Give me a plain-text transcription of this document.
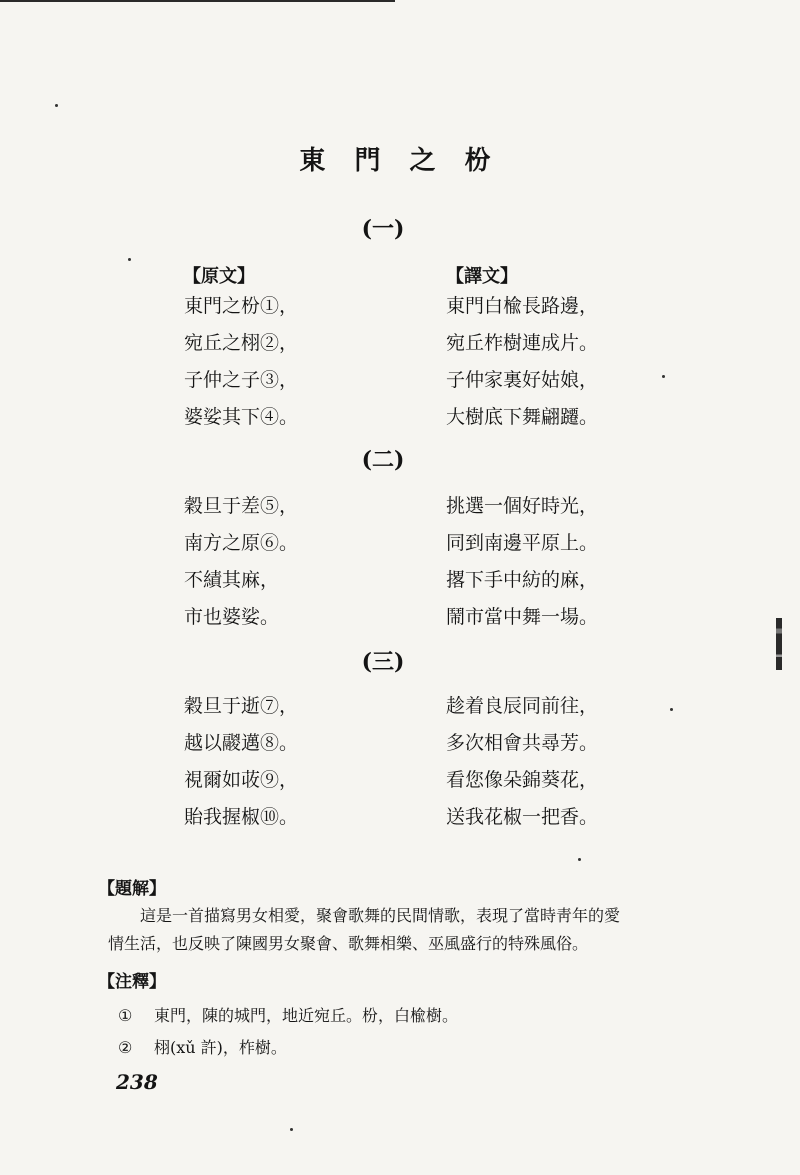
東 門 之 枌
(一)
【原文】	【譯文】
東門之枌①，
宛丘之栩②，
子仲之子③，
婆娑其下④。
東門白楡長路邊，
宛丘柞樹連成片。
子仲家裏好姑娘，
大樹底下舞翩躚。
(二)
穀旦于差⑤，
南方之原⑥。
不績其麻，
市也婆娑。
挑選一個好時光，
同到南邊平原上。
撂下手中紡的麻，
鬧市當中舞一場。
(三)
穀旦于逝⑦，
越以鬷邁⑧。
視爾如荍⑨，
貽我握椒⑩。
趁着良辰同前往，
多次相會共尋芳。
看您像朵錦葵花，
送我花椒一把香。
【題解】
這是一首描寫男女相愛，聚會歌舞的民間情歌，表現了當時靑年的愛
情生活，也反映了陳國男女聚會、歌舞相樂、巫風盛行的特殊風俗。
【注釋】
① 東門，陳的城門，地近宛丘。枌，白楡樹。
② 栩(xǔ 許)，柞樹。
238
